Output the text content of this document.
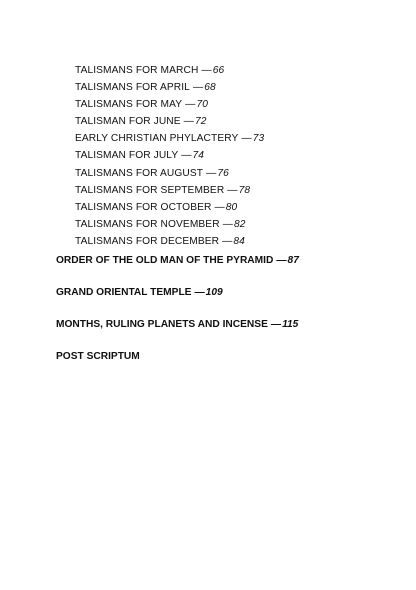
TALISMANS FOR MARCH —66
TALISMANS FOR APRIL —68
TALISMANS FOR MAY —70
TALISMAN FOR JUNE —72
EARLY CHRISTIAN PHYLACTERY —73
TALISMAN FOR JULY —74
TALISMANS FOR AUGUST —76
TALISMANS FOR SEPTEMBER —78
TALISMANS FOR OCTOBER —80
TALISMANS FOR NOVEMBER —82
TALISMANS FOR DECEMBER —84

ORDER OF THE OLD MAN OF THE PYRAMID —87

GRAND ORIENTAL TEMPLE —109

MONTHS, RULING PLANETS AND INCENSE —115

POST SCRIPTUM
